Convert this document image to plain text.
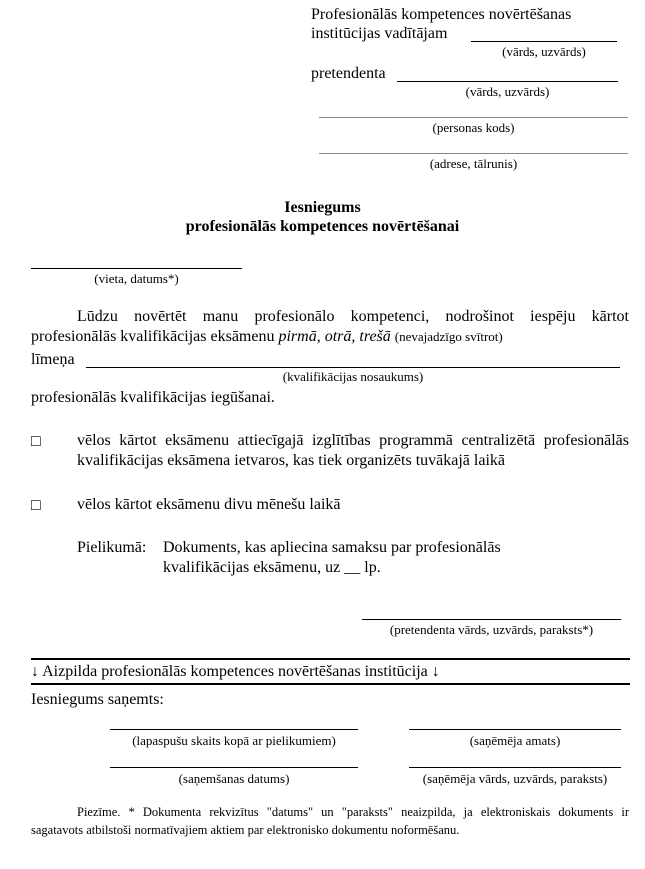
Profesionālās kompetences novērtēšanas
institūcijas vadītājam
(vārds, uzvārds)
pretendenta
(vārds, uzvārds)
(personas kods)
(adrese, tālrunis)
Iesniegums
profesionālās kompetences novērtēšanai
(vieta, datums*)
Lūdzu novērtēt manu profesionālo kompetenci, nodrošinot iespēju kārtot profesionālās kvalifikācijas eksāmenu pirmā, otrā, trešā (nevajadzīgo svītrot)
līmeņa
(kvalifikācijas nosaukums)
profesionālās kvalifikācijas iegūšanai.
□ vēlos kārtot eksāmenu attiecīgajā izglītības programmā centralizētā profesionālās kvalifikācijas eksāmena ietvaros, kas tiek organizēts tuvākajā laikā
□ vēlos kārtot eksāmenu divu mēnešu laikā
Pielikumā: Dokuments, kas apliecina samaksu par profesionālās
kvalifikācijas eksāmenu, uz __ lp.
(pretendenta vārds, uzvārds, paraksts*)
↓ Aizpilda profesionālās kompetences novērtēšanas institūcija ↓
Iesniegums saņemts:
(lapaspušu skaits kopā ar pielikumiem)	(saņēmēja amats)
(saņemšanas datums)	(saņēmēja vārds, uzvārds, paraksts)
Piezīme. * Dokumenta rekvizītus "datums" un "paraksts" neaizpilda, ja elektroniskais dokuments ir sagatavots atbilstoši normatīvajiem aktiem par elektronisko dokumentu noformēšanu.
